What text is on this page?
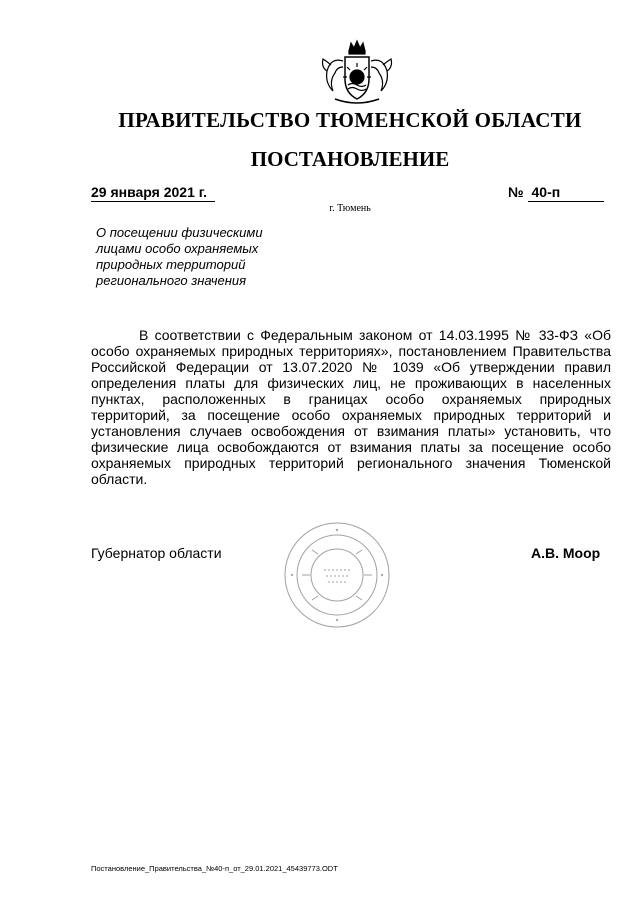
ПРАВИТЕЛЬСТВО ТЮМЕНСКОЙ ОБЛАСТИ
ПОСТАНОВЛЕНИЕ
29 января 2021 г.	№ 40-п
г. Тюмень
О посещении физическими
лицами особо охраняемых
природных территорий
регионального значения
В соответствии с Федеральным законом от 14.03.1995 № 33-ФЗ «Об
особо охраняемых природных территориях», постановлением Правительства
Российской Федерации от 13.07.2020 № 1039 «Об утверждении правил
определения платы для физических лиц, не проживающих в населенных
пунктах, расположенных в границах особо охраняемых природных
территорий, за посещение особо охраняемых природных территорий и
установления случаев освобождения от взимания платы» установить, что
физические лица освобождаются от взимания платы за посещение особо
охраняемых природных территорий регионального значения Тюменской
области.
Губернатор области	А.В. Моор
Постановление_Правительства_№40-п_от_29.01.2021_45439773.ODT
